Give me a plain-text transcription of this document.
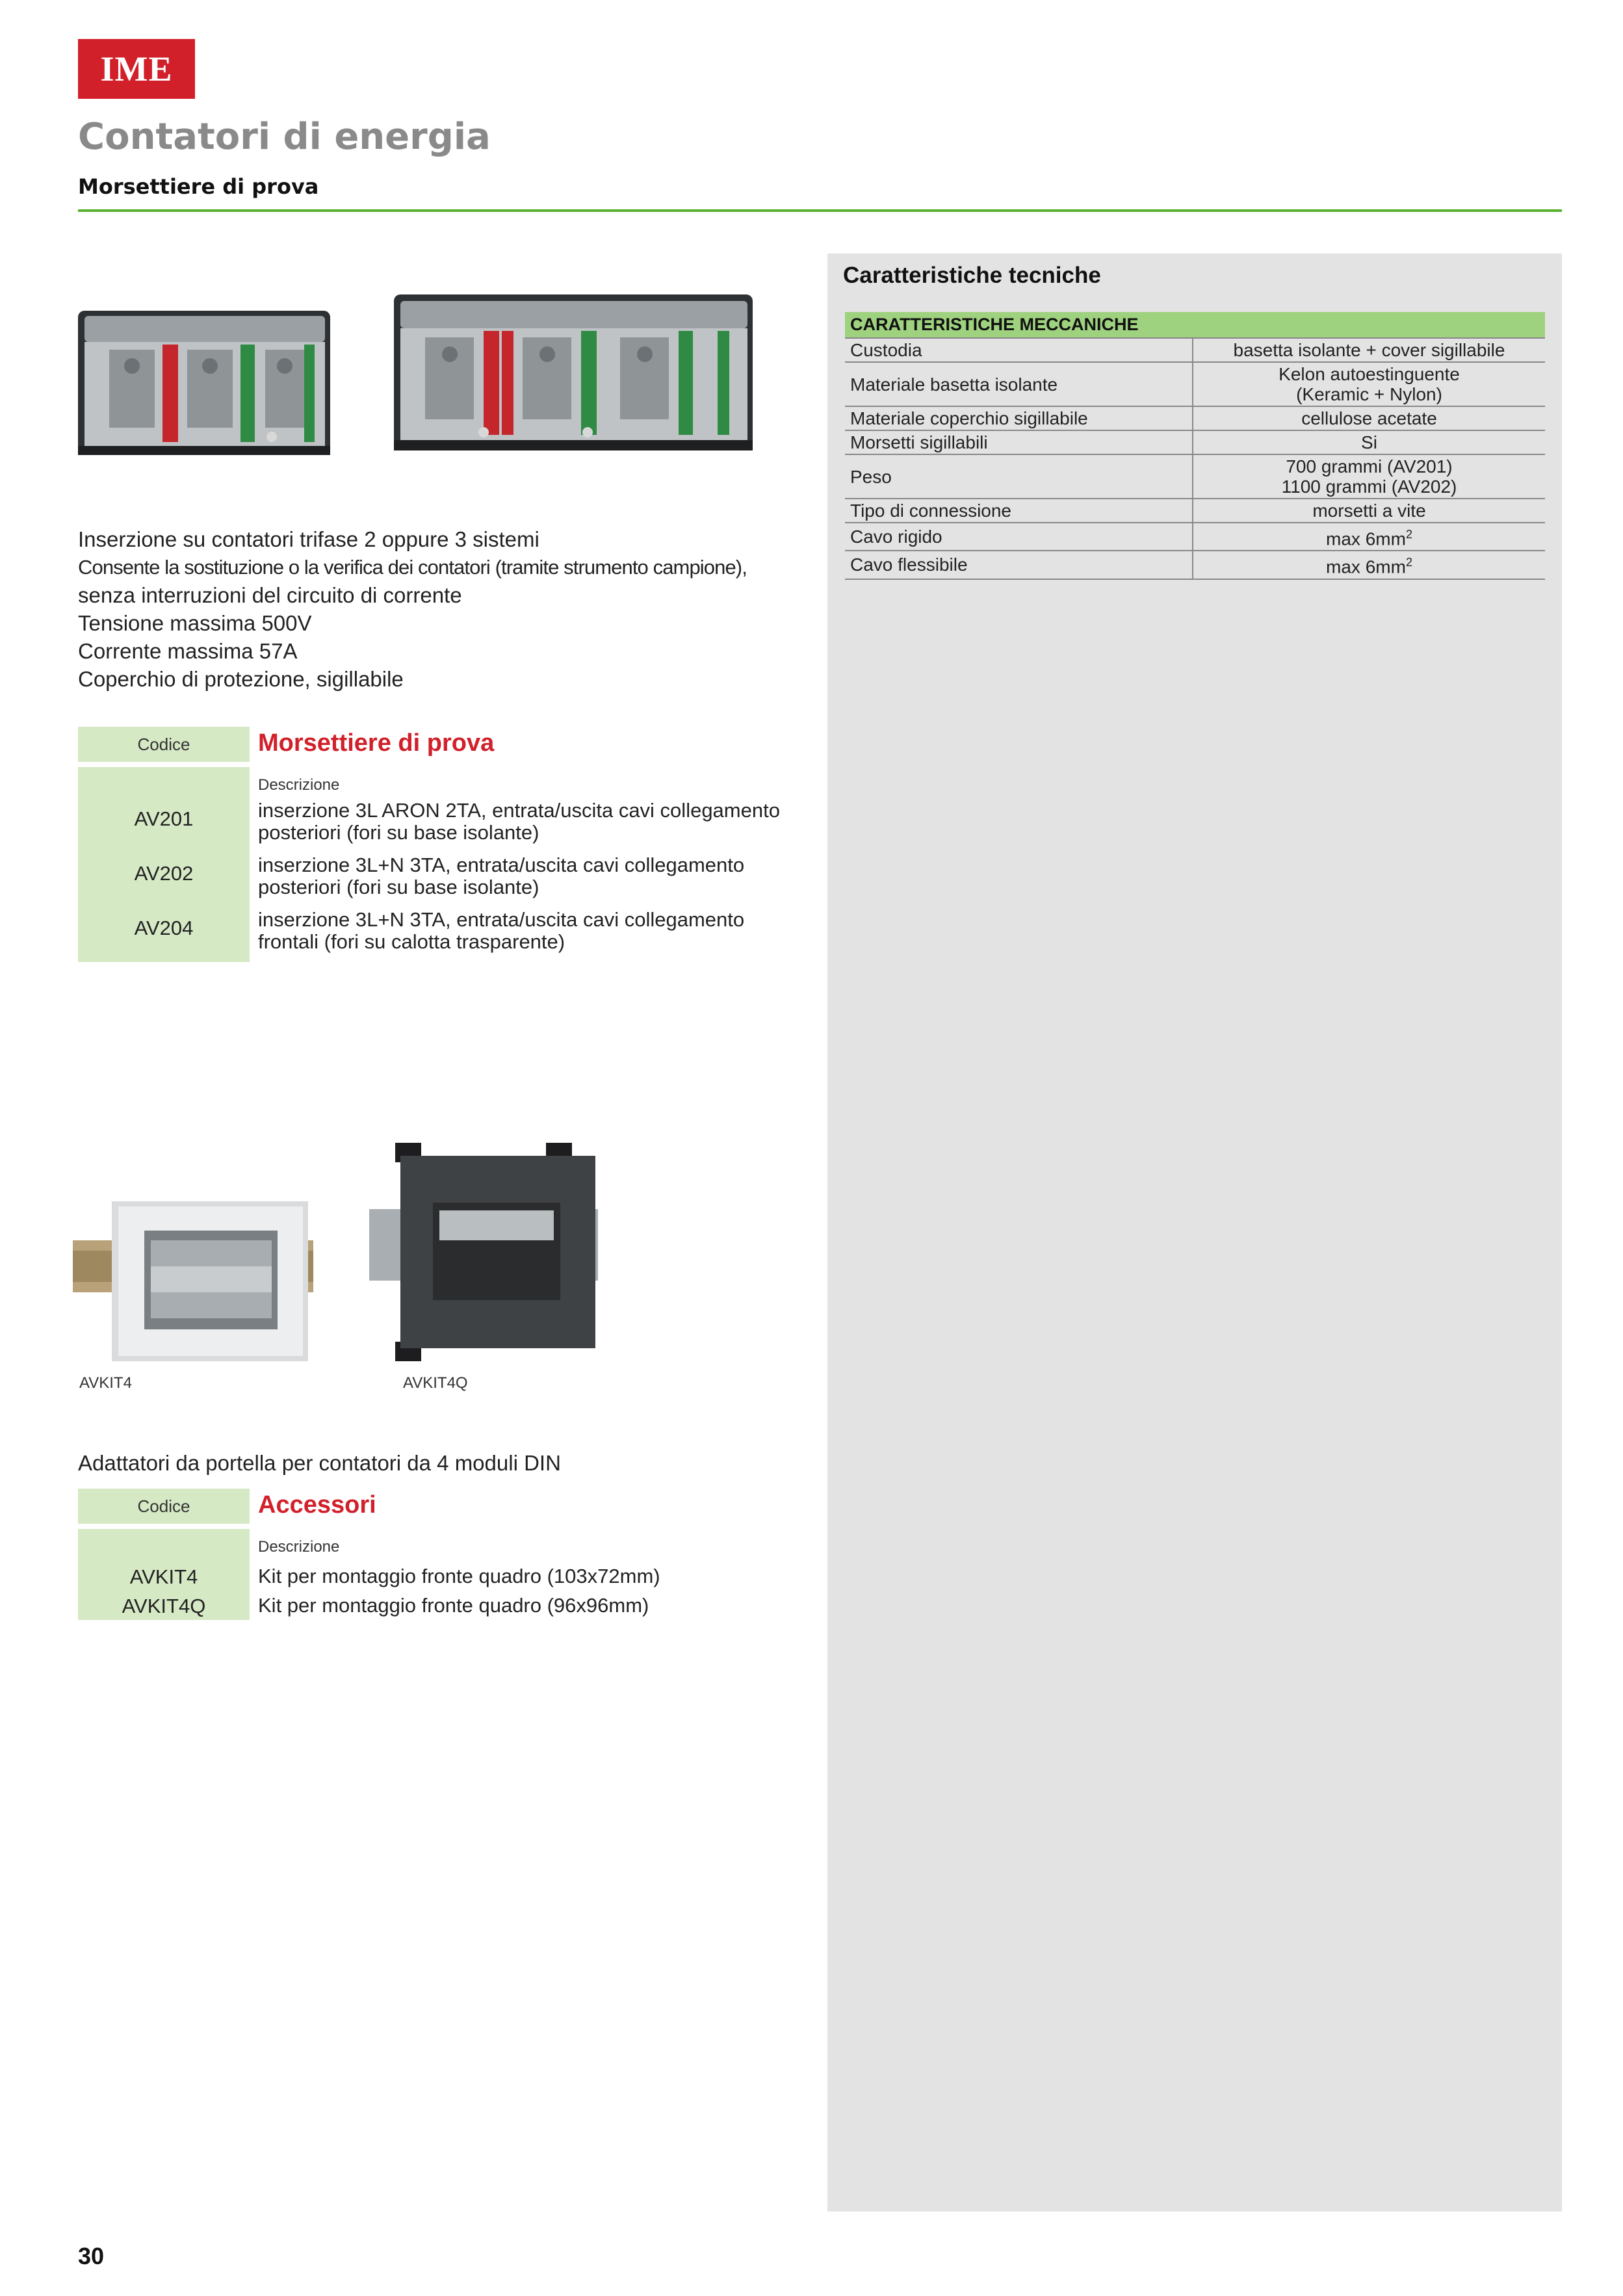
IME
Contatori di energia
Morsettiere di prova
Caratteristiche tecniche
CARATTERISTICHE MECCANICHE	
Custodia	basetta isolante + cover sigillabile
Materiale basetta isolante	Kelon autoestinguente
(Keramic + Nylon)
Materiale coperchio sigillabile	cellulose acetate
Morsetti sigillabili	Si
Peso	700 grammi (AV201)
1100 grammi (AV202)
Tipo di connessione	morsetti a vite
Cavo rigido	$\max 6mm^2$
Cavo flessibile	$\max 6mm^2$
Inserzione su contatori trifase 2 oppure 3 sistemi
Consente la sostituzione o la verifica dei contatori (tramite strumento campione),
senza interruzioni del circuito di corrente
Tensione massima 500V
Corrente massima 57A
Coperchio di protezione, sigillabile
Codice	Morsettiere di prova
Descrizione
AV201	inserzione 3L ARON 2TA, entrata/uscita cavi collegamento
posteriori (fori su base isolante)
AV202	inserzione 3L+N 3TA, entrata/uscita cavi collegamento
posteriori (fori su base isolante)
AV204	inserzione 3L+N 3TA, entrata/uscita cavi collegamento
frontali (fori su calotta trasparente)
AVKIT4	AVKIT4Q
Adattatori da portella per contatori da 4 moduli DIN
Codice	Accessori
Descrizione
AVKIT4	Kit per montaggio fronte quadro (103x72mm)
AVKIT4Q	Kit per montaggio fronte quadro (96x96mm)
30
